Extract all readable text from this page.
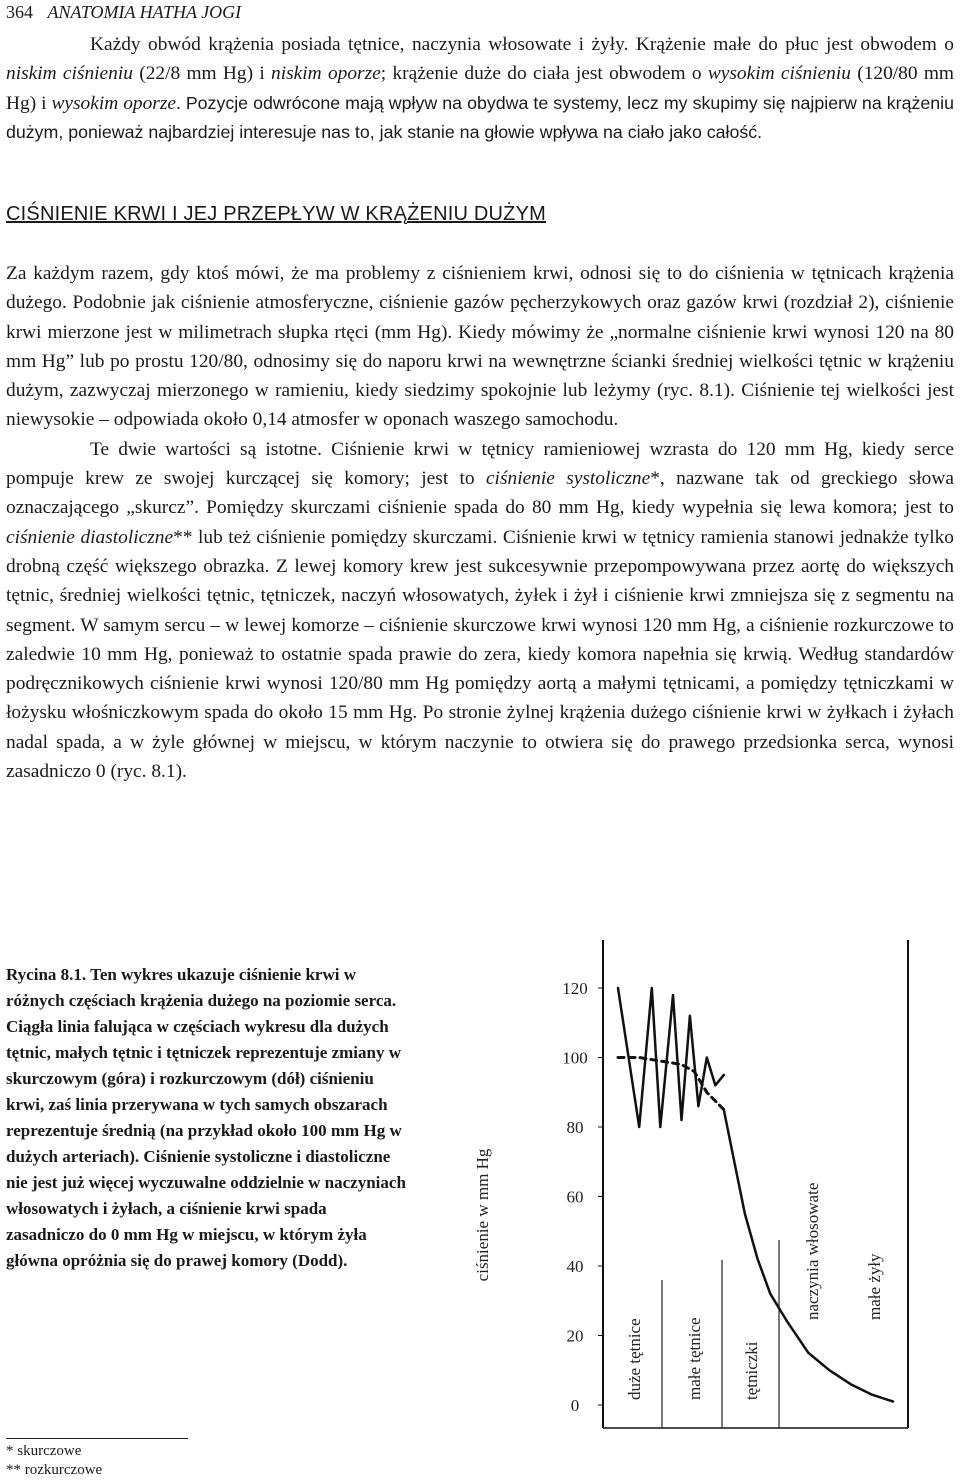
364 ANATOMIA HATHA JOGI

Każdy obwód krążenia posiada tętnice, naczynia włosowate i żyły. Krążenie małe do płuc jest obwodem o niskim ciśnieniu (22/8 mm Hg) i niskim oporze; krążenie duże do ciała jest obwodem o wysokim ciśnieniu (120/80 mm Hg) i wysokim oporze. Pozycje odwrócone mają wpływ na obydwa te systemy, lecz my skupimy się najpierw na krążeniu dużym, ponieważ najbardziej interesuje nas to, jak stanie na głowie wpływa na ciało jako całość.

CIŚNIENIE KRWI I JEJ PRZEPŁYW W KRĄŻENIU DUŻYM

Za każdym razem, gdy ktoś mówi, że ma problemy z ciśnieniem krwi, odnosi się to do ciśnienia w tętnicach krążenia dużego. Podobnie jak ciśnienie atmosferyczne, ciśnienie gazów pęcherzykowych oraz gazów krwi (rozdział 2), ciśnienie krwi mierzone jest w milimetrach słupka rtęci (mm Hg). Kiedy mówimy że „normalne ciśnienie krwi wynosi 120 na 80 mm Hg” lub po prostu 120/80, odnosimy się do naporu krwi na wewnętrzne ścianki średniej wielkości tętnic w krążeniu dużym, zazwyczaj mierzonego w ramieniu, kiedy siedzimy spokojnie lub leżymy (ryc. 8.1). Ciśnienie tej wielkości jest niewysokie – odpowiada około 0,14 atmosfer w oponach waszego samochodu.

Te dwie wartości są istotne. Ciśnienie krwi w tętnicy ramieniowej wzrasta do 120 mm Hg, kiedy serce pompuje krew ze swojej kurczącej się komory; jest to ciśnienie systoliczne*, nazwane tak od greckiego słowa oznaczającego „skurcz”. Pomiędzy skurczami ciśnienie spada do 80 mm Hg, kiedy wypełnia się lewa komora; jest to ciśnienie diastoliczne** lub też ciśnienie pomiędzy skurczami. Ciśnienie krwi w tętnicy ramienia stanowi jednakże tylko drobną część większego obrazka. Z lewej komory krew jest sukcesywnie przepompowywana przez aortę do większych tętnic, średniej wielkości tętnic, tętniczek, naczyń włosowatych, żyłek i żył i ciśnienie krwi zmniejsza się z segmentu na segment. W samym sercu – w lewej komorze – ciśnienie skurczowe krwi wynosi 120 mm Hg, a ciśnienie rozkurczowe to zaledwie 10 mm Hg, ponieważ to ostatnie spada prawie do zera, kiedy komora napełnia się krwią. Według standardów podręcznikowych ciśnienie krwi wynosi 120/80 mm Hg pomiędzy aortą a małymi tętnicami, a pomiędzy tętniczkami w łożysku włośniczkowym spada do około 15 mm Hg. Po stronie żylnej krążenia dużego ciśnienie krwi w żyłkach i żyłach nadal spada, a w żyle głównej w miejscu, w którym naczynie to otwiera się do prawego przedsionka serca, wynosi zasadniczo 0 (ryc. 8.1).

Rycina 8.1. Ten wykres ukazuje ciśnienie krwi w różnych częściach krążenia dużego na poziomie serca. Ciągła linia falująca w częściach wykresu dla dużych tętnic, małych tętnic i tętniczek reprezentuje zmiany w skurczowym (góra) i rozkurczowym (dół) ciśnieniu krwi, zaś linia przerywana w tych samych obszarach reprezentuje średnią (na przykład około 100 mm Hg w dużych arteriach). Ciśnienie systoliczne i diastoliczne nie jest już więcej wyczuwalne oddzielnie w naczyniach włosowatych i żyłach, a ciśnienie krwi spada zasadniczo do 0 mm Hg w miejscu, w którym żyła główna opróżnia się do prawej komory (Dodd).	ciśnienie w mm Hg
120
100
80
60
40
20
0
duże tętnice małe tętnice tętniczki
naczynia włosowate	małe żyły
* skurczowe
** rozkurczowe
